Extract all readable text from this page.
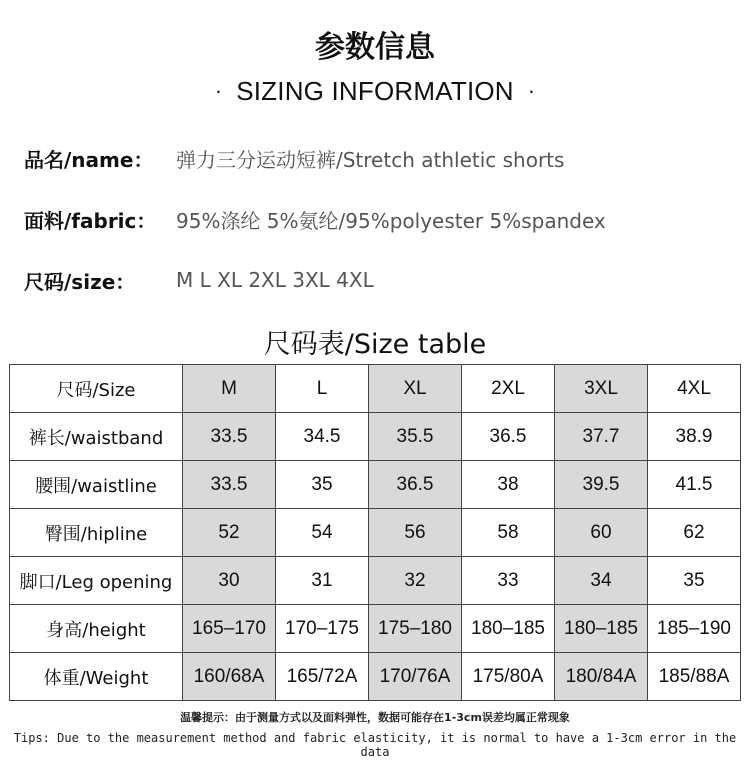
参数信息
· SIZING INFORMATION ·
品名/name：	弹力三分运动短裤/Stretch athletic shorts
面料/fabric： 95%涤纶 5%氨纶/95%polyester 5%spandex
尺码/size：	M L XL 2XL 3XL 4XL
尺码表/Size table
尺码/Size	M	L	XL	2XL	3XL	4XL
裤长/waistband	33.5	34.5	35.5	36.5	37.7	38.9
腰围/waistline	33.5	35	36.5	38	39.5	41.5
臀围/hipline	52	54	56	58	60	62
脚口/Leg opening	30	31	32	33	34	35
身高/height	165–170	170–175	175–180	180–185	180–185	185–190
体重/Weight	160/68A	165/72A	170/76A	175/80A	180/84A	185/88A
温馨提示：由于测量方式以及面料弹性，数据可能存在1-3cm误差均属正常现象
Tips: Due to the measurement method and fabric elasticity, it is normal to have a 1-3cm error in the data
